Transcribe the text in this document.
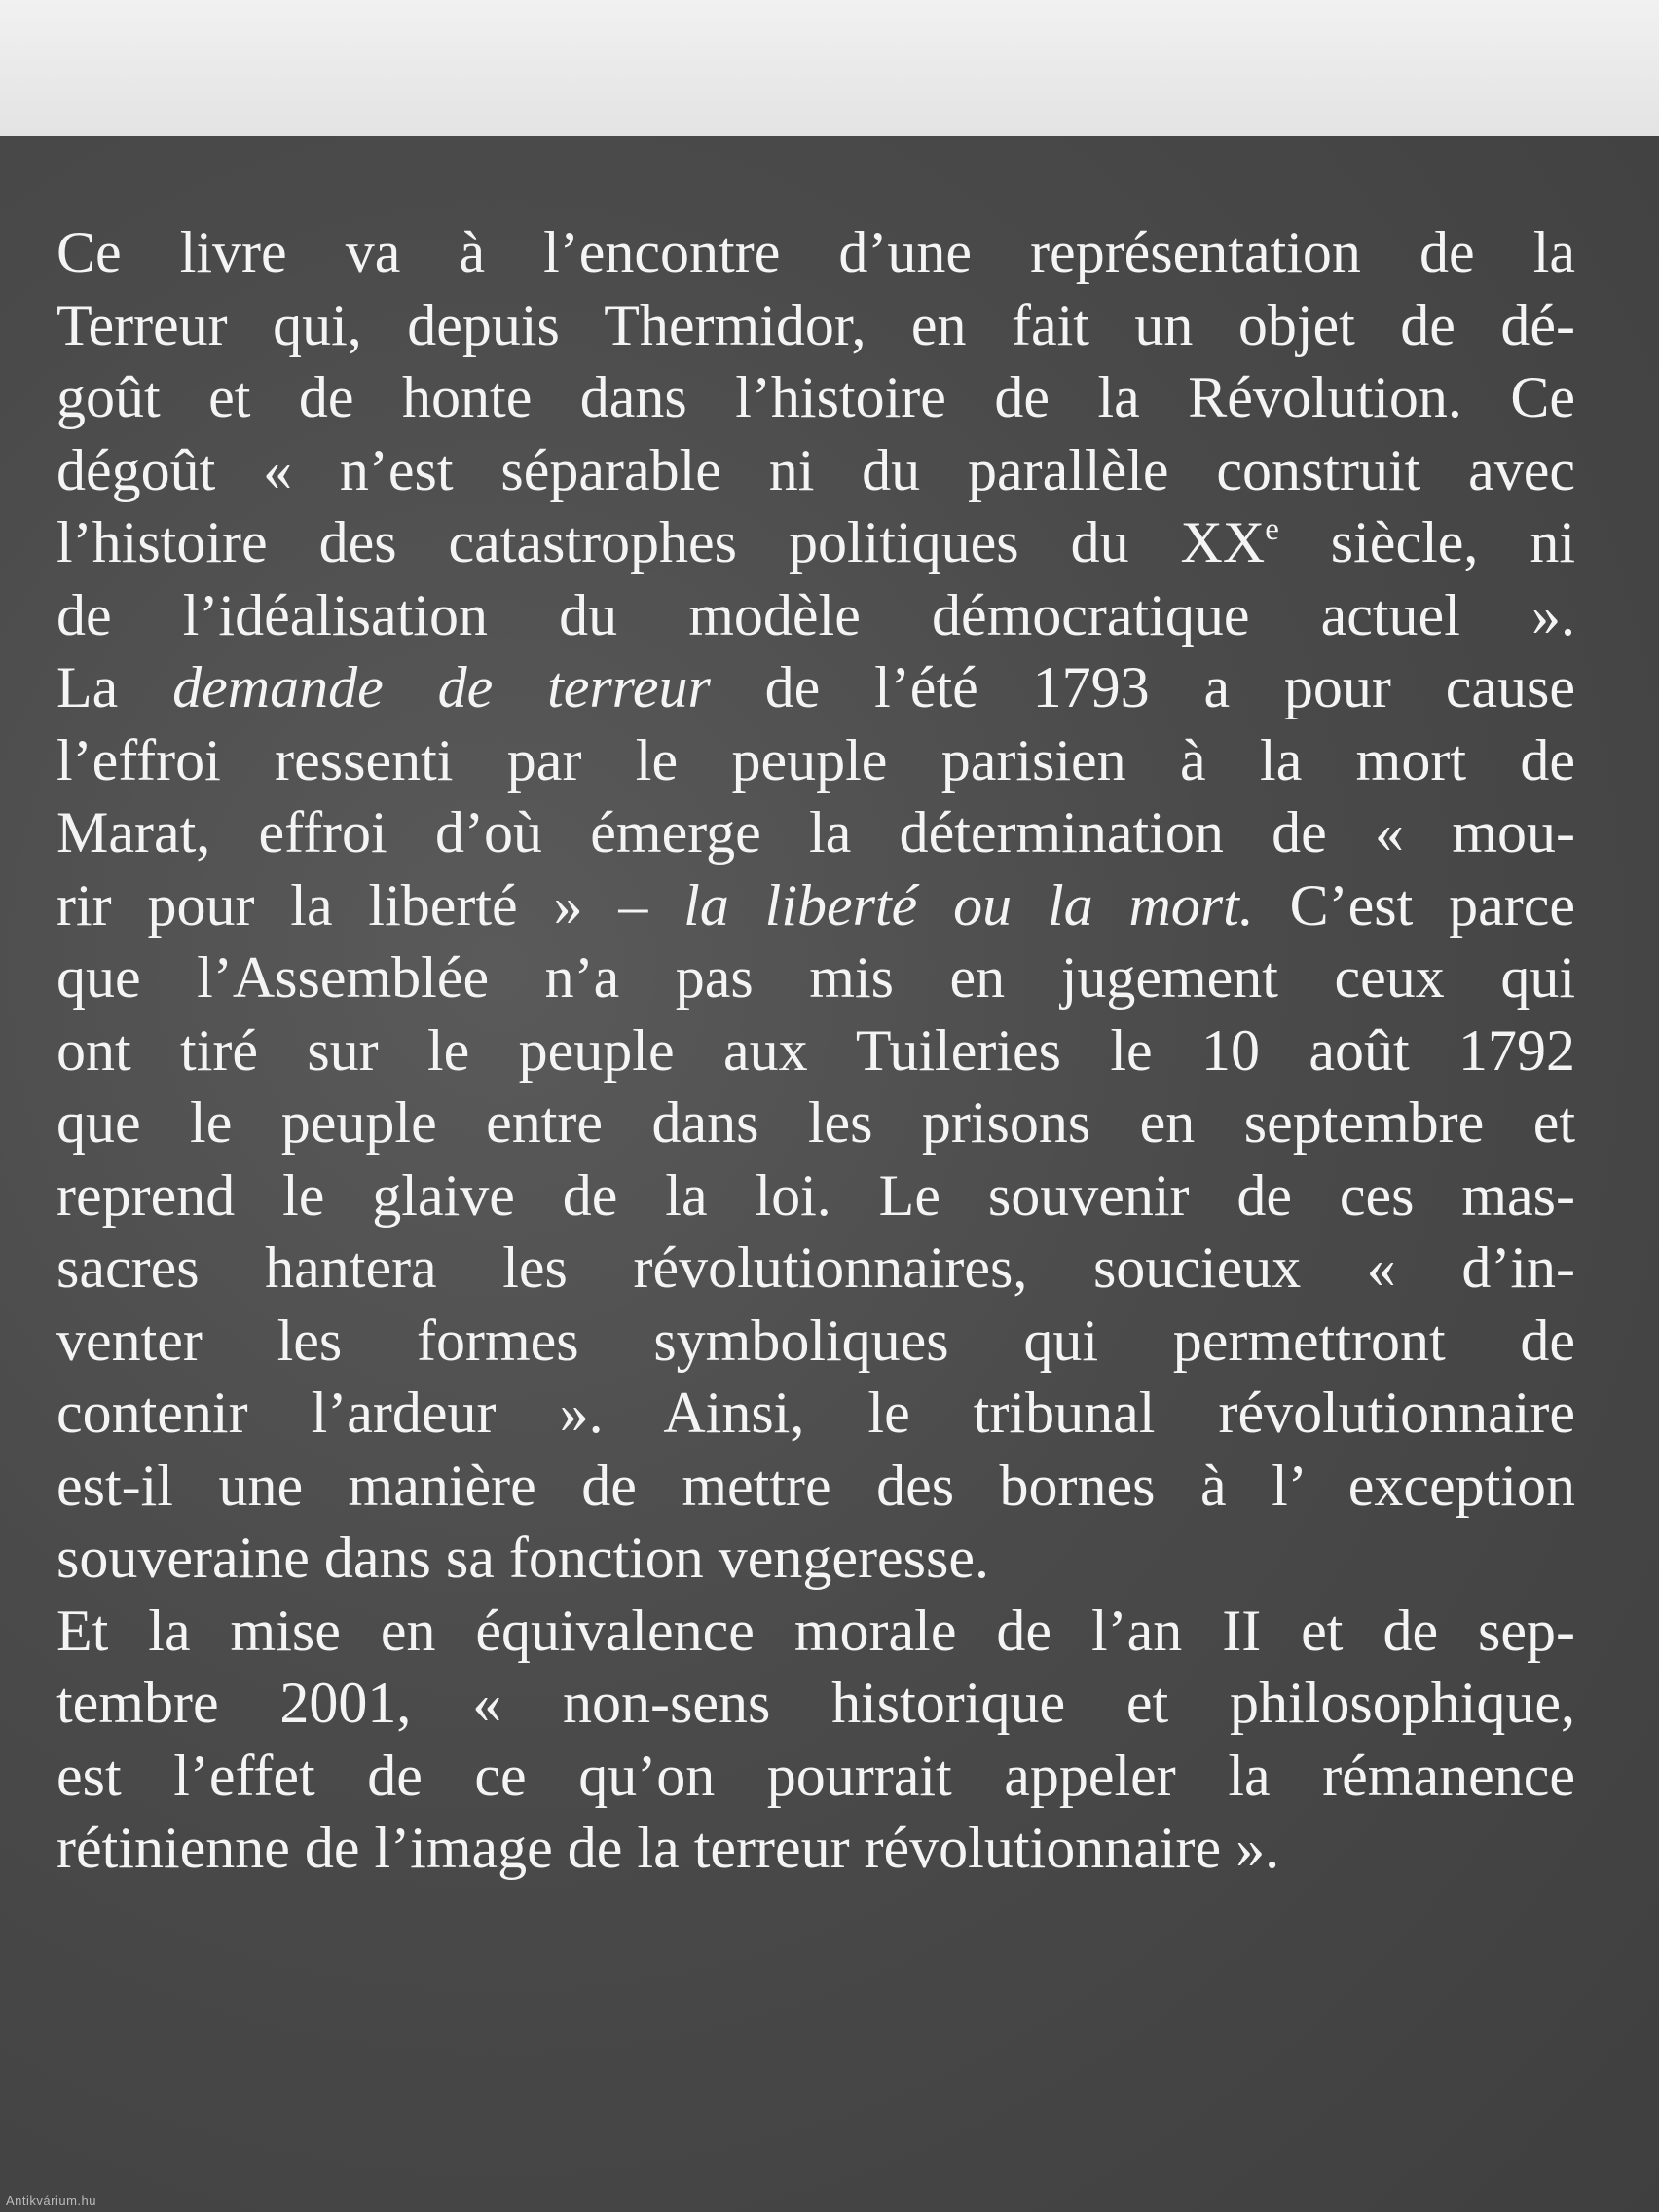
Ce livre va à l’encontre d’une représentation de la
Terreur qui, depuis Thermidor, en fait un objet de dé-
goût et de honte dans l’histoire de la Révolution. Ce
dégoût « n’est séparable ni du parallèle construit avec
l’histoire des catastrophes politiques du XXe siècle, ni
de l’idéalisation du modèle démocratique actuel ».
La demande de terreur de l’été 1793 a pour cause
l’effroi ressenti par le peuple parisien à la mort de
Marat, effroi d’où émerge la détermination de « mou-
rir pour la liberté » – la liberté ou la mort. C’est parce
que l’Assemblée n’a pas mis en jugement ceux qui
ont tiré sur le peuple aux Tuileries le 10 août 1792
que le peuple entre dans les prisons en septembre et
reprend le glaive de la loi. Le souvenir de ces mas-
sacres hantera les révolutionnaires, soucieux « d’in-
venter les formes symboliques qui permettront de
contenir l’ardeur ». Ainsi, le tribunal révolutionnaire
est-il une manière de mettre des bornes à l’ exception
souveraine dans sa fonction vengeresse.
Et la mise en équivalence morale de l’an II et de sep-
tembre 2001, « non-sens historique et philosophique,
est l’effet de ce qu’on pourrait appeler la rémanence
rétinienne de l’image de la terreur révolutionnaire ».
Antikvárium.hu
